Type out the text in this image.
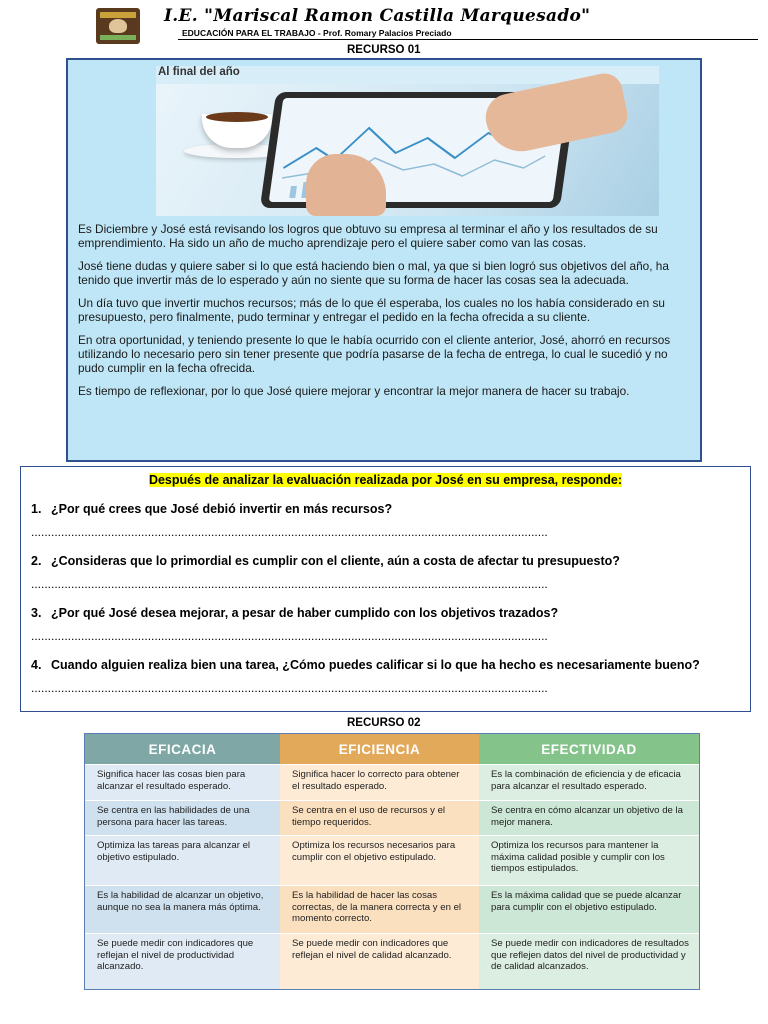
I.E. "Mariscal Ramon Castilla Marquesado"
EDUCACIÓN PARA EL TRABAJO - Prof. Romary Palacios Preciado
RECURSO 01
Al final del año

Es Diciembre y José está revisando los logros que obtuvo su empresa al terminar el año y los resultados de su emprendimiento. Ha sido un año de mucho aprendizaje pero el quiere saber como van las cosas.

José tiene dudas y quiere saber si lo que está haciendo bien o mal, ya que si bien logró sus objetivos del año, ha tenido que invertir más de lo esperado y aún no siente que su forma de hacer las cosas sea la adecuada.

Un día tuvo que invertir muchos recursos; más de lo que él esperaba, los cuales no los había considerado en su presupuesto, pero finalmente, pudo terminar y entregar el pedido en la fecha ofrecida a su cliente.

En otra oportunidad, y teniendo presente lo que le había ocurrido con el cliente anterior, José, ahorró en recursos utilizando lo necesario pero sin tener presente que podría pasarse de la fecha de entrega, lo cual le sucedió y no pudo cumplir en la fecha ofrecida.

Es tiempo de reflexionar, por lo que José quiere mejorar y encontrar la mejor manera de hacer su trabajo.

Después de analizar la evaluación realizada por José en su empresa, responde:
1. ¿Por qué crees que José debió invertir en más recursos?
...........................................................................................................................................................
2. ¿Consideras que lo primordial es cumplir con el cliente, aún a costa de afectar tu presupuesto?
...........................................................................................................................................................
3. ¿Por qué José desea mejorar, a pesar de haber cumplido con los objetivos trazados?
...........................................................................................................................................................
4. Cuando alguien realiza bien una tarea, ¿Cómo puedes calificar si lo que ha hecho es necesariamente bueno?
...........................................................................................................................................................
RECURSO 02
EFICACIA	EFICIENCIA	EFECTIVIDAD
Significa hacer las cosas bien para alcanzar el resultado esperado.
Significa hacer lo correcto para obtener el resultado esperado.
Es la combinación de eficiencia y de eficacia para alcanzar el resultado esperado.
Se centra en las habilidades de una persona para hacer las tareas.
Se centra en el uso de recursos y el tiempo requeridos.
Se centra en cómo alcanzar un objetivo de la mejor manera.
Optimiza las tareas para alcanzar el objetivo estipulado.
Optimiza los recursos necesarios para cumplir con el objetivo estipulado.
Optimiza los recursos para mantener la máxima calidad posible y cumplir con los tiempos estipulados.
Es la habilidad de alcanzar un objetivo, aunque no sea la manera más óptima.
Es la habilidad de hacer las cosas correctas, de la manera correcta y en el momento correcto.
Es la máxima calidad que se puede alcanzar para cumplir con el objetivo estipulado.
Se puede medir con indicadores que reflejan el nivel de productividad alcanzado.
Se puede medir con indicadores que reflejan el nivel de calidad alcanzado.
Se puede medir con indicadores de resultados que reflejen datos del nivel de productividad y de calidad alcanzados.
